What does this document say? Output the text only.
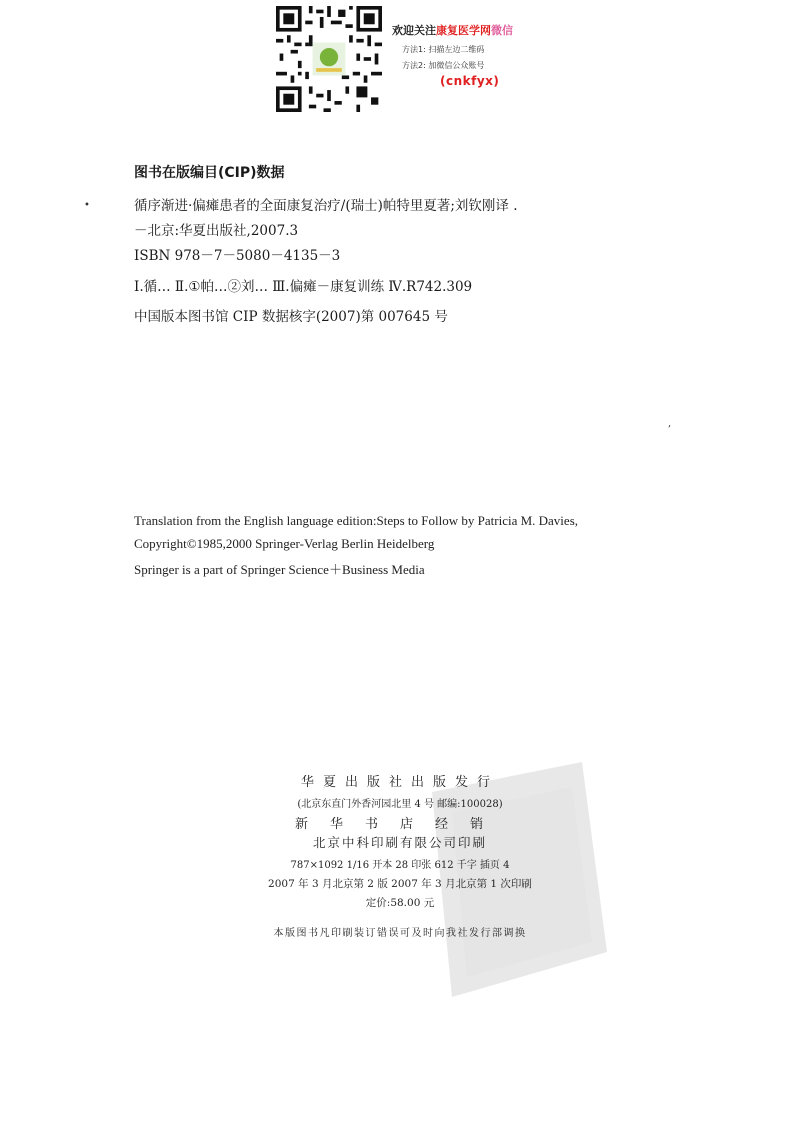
欢迎关注康复医学网微信
方法1: 扫描左边二维码
方法2: 加微信公众账号
(cnkfyx)
图书在版编目(CIP)数据
•	循序渐进·偏瘫患者的全面康复治疗/(瑞士)帕特里夏著;刘钦刚译 .
－北京:华夏出版社,2007.3
ISBN 978－7－5080－4135－3
Ⅰ.循… Ⅱ.①帕…②刘… Ⅲ.偏瘫－康复训练 Ⅳ.R742.309
中国版本图书馆 CIP 数据核字(2007)第 007645 号
,
Translation from the English language edition:Steps to Follow by Patricia M. Davies,
Copyright©1985,2000 Springer-Verlag Berlin Heidelberg
Springer is a part of Springer Science＋Business Media
华夏出版社出版发行
(北京东直门外香河园北里 4 号 邮编:100028)
新华书店经销
北京中科印刷有限公司印刷
787×1092 1/16 开本 28 印张 612 千字 插页 4
2007 年 3 月北京第 2 版 2007 年 3 月北京第 1 次印刷
定价:58.00 元
本版图书凡印刷装订错误可及时向我社发行部调换
